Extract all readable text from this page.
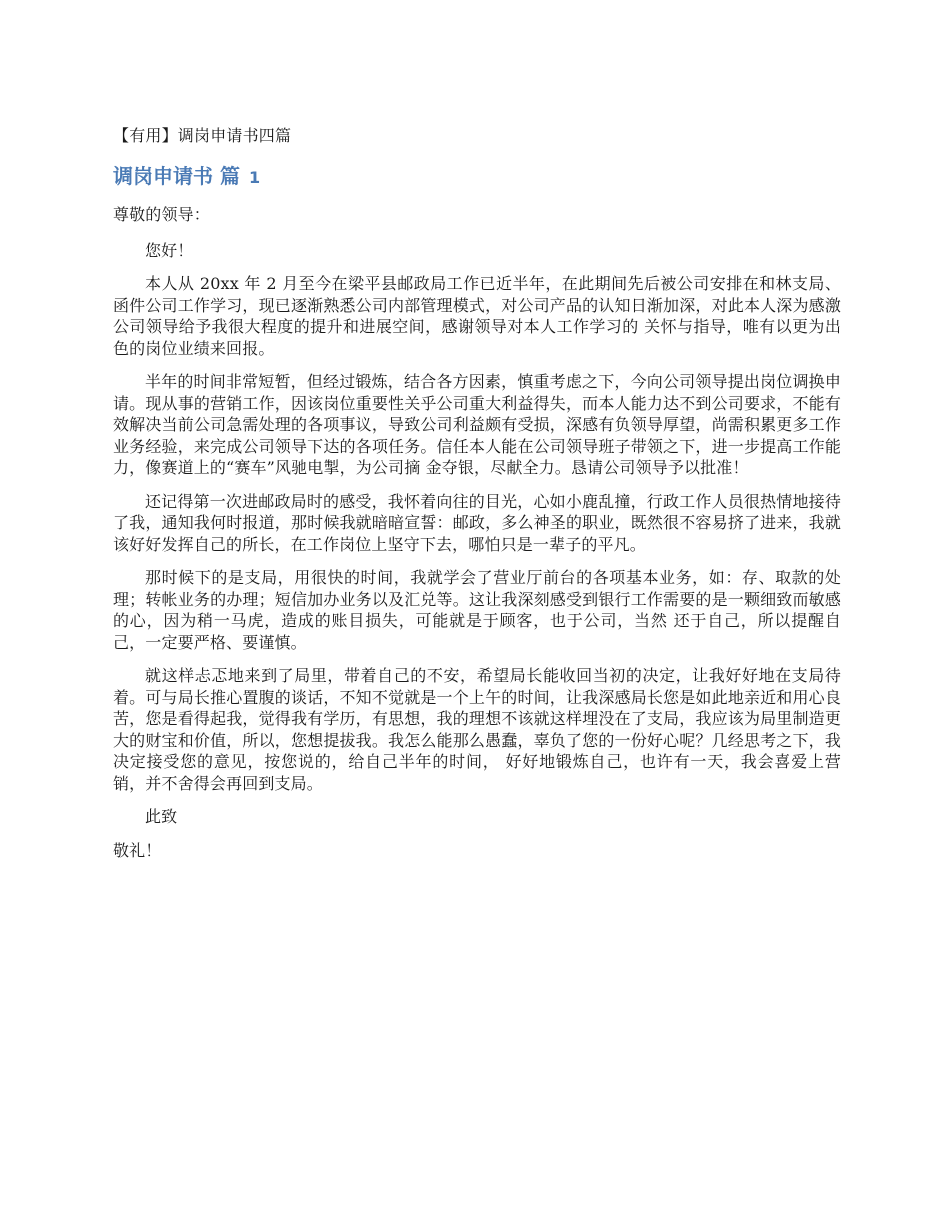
【有用】调岗申请书四篇
调岗申请书 篇 1
尊敬的领导：
您好！
本人从 20xx 年 2 月至今在梁平县邮政局工作已近半年，在此期间先后被公司安排在和林支局、函件公司工作学习，现已逐渐熟悉公司内部管理模式，对公司产品的认知日渐加深，对此本人深为感激公司领导给予我很大程度的提升和进展空间，感谢领导对本人工作学习的 关怀与指导，唯有以更为出色的岗位业绩来回报。
半年的时间非常短暂，但经过锻炼，结合各方因素，慎重考虑之下，今向公司领导提出岗位调换申请。现从事的营销工作，因该岗位重要性关乎公司重大利益得失，而本人能力达不到公司要求，不能有效解决当前公司急需处理的各项事议，导致公司利益颇有受损，深感有负领导厚望，尚需积累更多工作业务经验，来完成公司领导下达的各项任务。信任本人能在公司领导班子带领之下，进一步提高工作能力，像赛道上的“赛车”风驰电掣，为公司摘 金夺银，尽献全力。恳请公司领导予以批准！
还记得第一次进邮政局时的感受，我怀着向往的目光，心如小鹿乱撞，行政工作人员很热情地接待了我，通知我何时报道，那时候我就暗暗宣誓：邮政，多么神圣的职业，既然很不容易挤了进来，我就该好好发挥自己的所长，在工作岗位上坚守下去，哪怕只是一辈子的平凡。
那时候下的是支局，用很快的时间，我就学会了营业厅前台的各项基本业务，如：存、取款的处理；转帐业务的办理；短信加办业务以及汇兑等。这让我深刻感受到银行工作需要的是一颗细致而敏感的心，因为稍一马虎，造成的账目损失，可能就是于顾客，也于公司，当然 还于自己，所以提醒自己，一定要严格、要谨慎。
就这样忐忑地来到了局里，带着自己的不安，希望局长能收回当初的决定，让我好好地在支局待着。可与局长推心置腹的谈话，不知不觉就是一个上午的时间，让我深感局长您是如此地亲近和用心良苦，您是看得起我，觉得我有学历，有思想，我的理想不该就这样埋没在了支局，我应该为局里制造更大的财宝和价值，所以，您想提拔我。我怎么能那么愚蠢，辜负了您的一份好心呢？几经思考之下，我决定接受您的意见，按您说的，给自己半年的时间， 好好地锻炼自己，也许有一天，我会喜爱上营销，并不舍得会再回到支局。
此致
敬礼！
